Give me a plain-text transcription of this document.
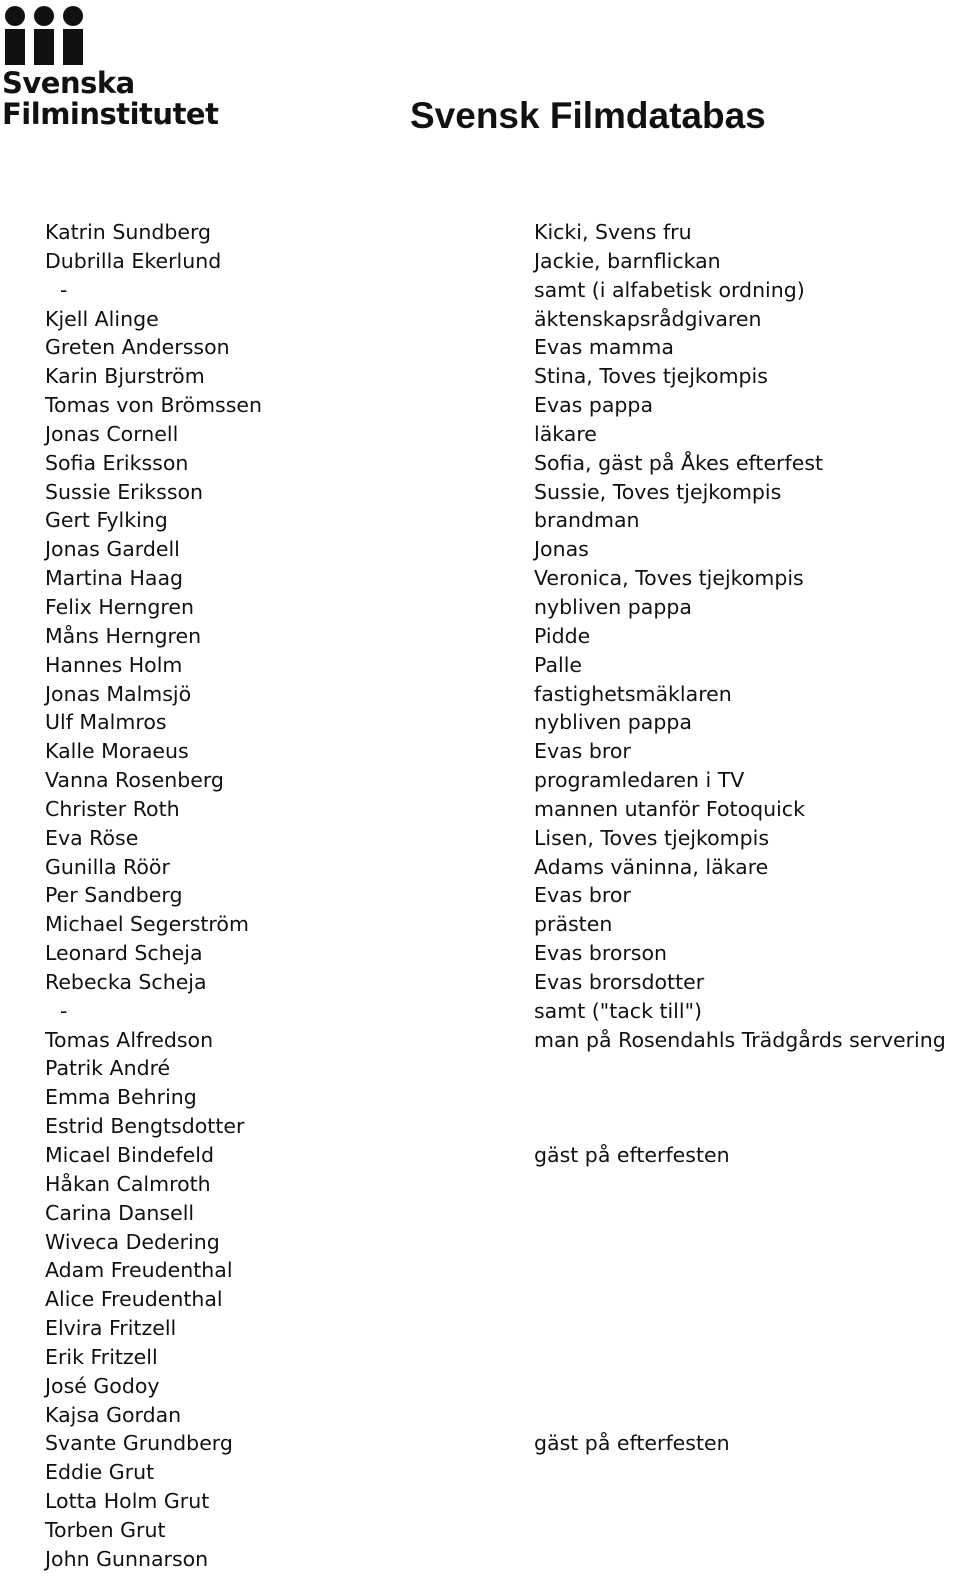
Svenska
Filminstitutet	Svensk Filmdatabas
Katrin Sundberg	Kicki, Svens fru
Dubrilla Ekerlund	Jackie, barnflickan
-	samt (i alfabetisk ordning)
Kjell Alinge	äktenskapsrådgivaren
Greten Andersson	Evas mamma
Karin Bjurström	Stina, Toves tjejkompis
Tomas von Brömssen	Evas pappa
Jonas Cornell	läkare
Sofia Eriksson	Sofia, gäst på Åkes efterfest
Sussie Eriksson	Sussie, Toves tjejkompis
Gert Fylking	brandman
Jonas Gardell	Jonas
Martina Haag	Veronica, Toves tjejkompis
Felix Herngren	nybliven pappa
Måns Herngren	Pidde
Hannes Holm	Palle
Jonas Malmsjö	fastighetsmäklaren
Ulf Malmros	nybliven pappa
Kalle Moraeus	Evas bror
Vanna Rosenberg	programledaren i TV
Christer Roth	mannen utanför Fotoquick
Eva Röse	Lisen, Toves tjejkompis
Gunilla Röör	Adams väninna, läkare
Per Sandberg	Evas bror
Michael Segerström	prästen
Leonard Scheja	Evas brorson
Rebecka Scheja	Evas brorsdotter
-	samt ("tack till")
Tomas Alfredson	man på Rosendahls Trädgårds servering
Patrik André
Emma Behring
Estrid Bengtsdotter
Micael Bindefeld	gäst på efterfesten
Håkan Calmroth
Carina Dansell
Wiveca Dedering
Adam Freudenthal
Alice Freudenthal
Elvira Fritzell
Erik Fritzell
José Godoy
Kajsa Gordan
Svante Grundberg	gäst på efterfesten
Eddie Grut
Lotta Holm Grut
Torben Grut
John Gunnarson
